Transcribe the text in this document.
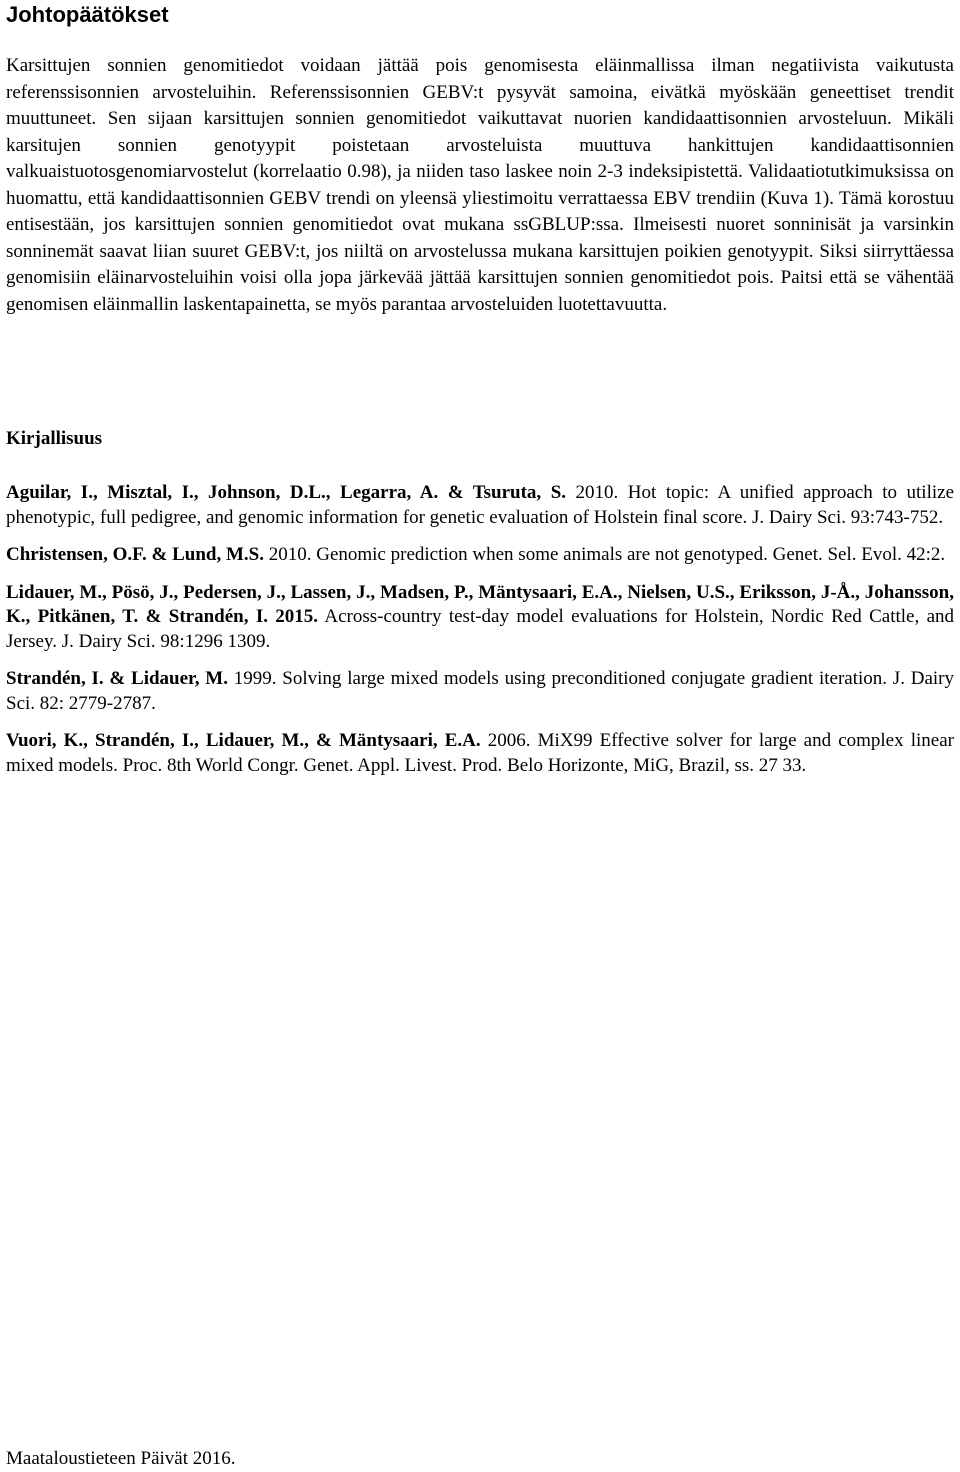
Johtopäätökset

Karsittujen sonnien genomitiedot voidaan jättää pois genomisesta eläinmallissa ilman negatiivista vaikutusta referenssisonnien arvosteluihin. Referenssisonnien GEBV:t pysyvät samoina, eivätkä myöskään geneettiset trendit muuttuneet. Sen sijaan karsittujen sonnien genomitiedot vaikuttavat nuorien kandidaattisonnien arvosteluun. Mikäli karsitujen sonnien genotyypit poistetaan arvosteluista muuttuva hankittujen kandidaattisonnien valkuaistuotosgenomiarvostelut (korrelaatio 0.98), ja niiden taso laskee noin 2-3 indeksipistettä. Validaatiotutkimuksissa on huomattu, että kandidaattisonnien GEBV trendi on yleensä yliestimoitu verrattaessa EBV trendiin (Kuva 1). Tämä korostuu entisestään, jos karsittujen sonnien genomitiedot ovat mukana ssGBLUP:ssa. Ilmeisesti nuoret sonninisät ja varsinkin sonninemät saavat liian suuret GEBV:t, jos niiltä on arvostelussa mukana karsittujen poikien genotyypit. Siksi siirryttäessa genomisiin eläinarvosteluihin voisi olla jopa järkevää jättää karsittujen sonnien genomitiedot pois. Paitsi että se vähentää genomisen eläinmallin laskentapainetta, se myös parantaa arvosteluiden luotettavuutta.

Kirjallisuus
Aguilar, I., Misztal, I., Johnson, D.L., Legarra, A. & Tsuruta, S. 2010. Hot topic: A unified approach to utilize phenotypic, full pedigree, and genomic information for genetic evaluation of Holstein final score. J. Dairy Sci. 93:743-752.
Christensen, O.F. & Lund, M.S. 2010. Genomic prediction when some animals are not genotyped. Genet. Sel. Evol. 42:2.
Lidauer, M., Pösö, J., Pedersen, J., Lassen, J., Madsen, P., Mäntysaari, E.A., Nielsen, U.S., Eriksson, J-Å., Johansson, K., Pitkänen, T. & Strandén, I. 2015. Across-country test-day model evaluations for Holstein, Nordic Red Cattle, and Jersey. J. Dairy Sci. 98:1296 1309.
Strandén, I. & Lidauer, M. 1999. Solving large mixed models using preconditioned conjugate gradient iteration. J. Dairy Sci. 82: 2779-2787.
Vuori, K., Strandén, I., Lidauer, M., & Mäntysaari, E.A. 2006. MiX99 Effective solver for large and complex linear mixed models. Proc. 8th World Congr. Genet. Appl. Livest. Prod. Belo Horizonte, MiG, Brazil, ss. 27 33.

Maataloustieteen Päivät 2016.
